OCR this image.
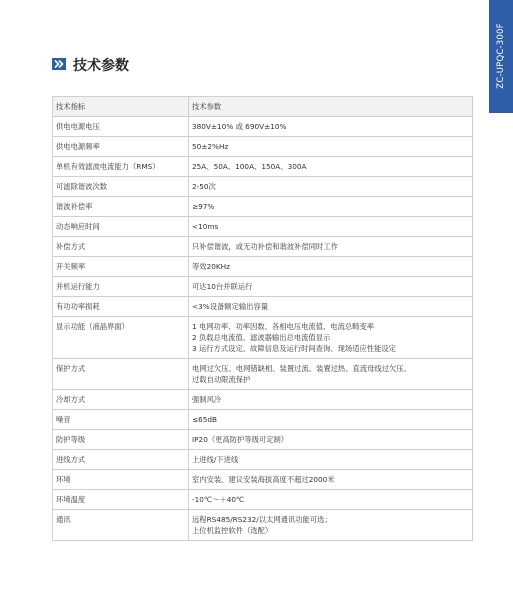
ZC-UPQC-300F
技术参数
技术指标	技术参数
供电电源电压	380V±10% 或 690V±10%

供电电源频率	50±2%Hz

单机有效滤波电流能力（RMS）	25A、50A、100A、150A、300A

可滤除谐波次数	2-50次

谐波补偿率	≥97%

动态响应时间	<10ms

补偿方式	只补偿谐波，或无功补偿和谐波补偿同时工作

开关频率	等效20KHz

并机运行能力	可达10台并联运行

有功功率损耗	<3%设备额定输出容量

显示功能（液晶界面）	1 电网功率、功率因数、各相电压电流值、电流总畸变率
2 负载总电流值、滤波器输出总电流值显示
3 运行方式设定、故障信息及运行时间查询、现场适应性能设定

保护方式	电网过欠压、电网错缺相、装置过流、装置过热、直流母线过欠压、
过载自动限流保护

冷却方式	强制风冷

噪音	≤65dB

防护等级	IP20（更高防护等级可定制）

进线方式	上进线/下进线

环境	室内安装、建议安装海拔高度不超过2000米

环境温度	-10℃～＋40℃

通讯	远程RS485/RS232/以太网通讯功能可选；
上位机监控软件（选配）
